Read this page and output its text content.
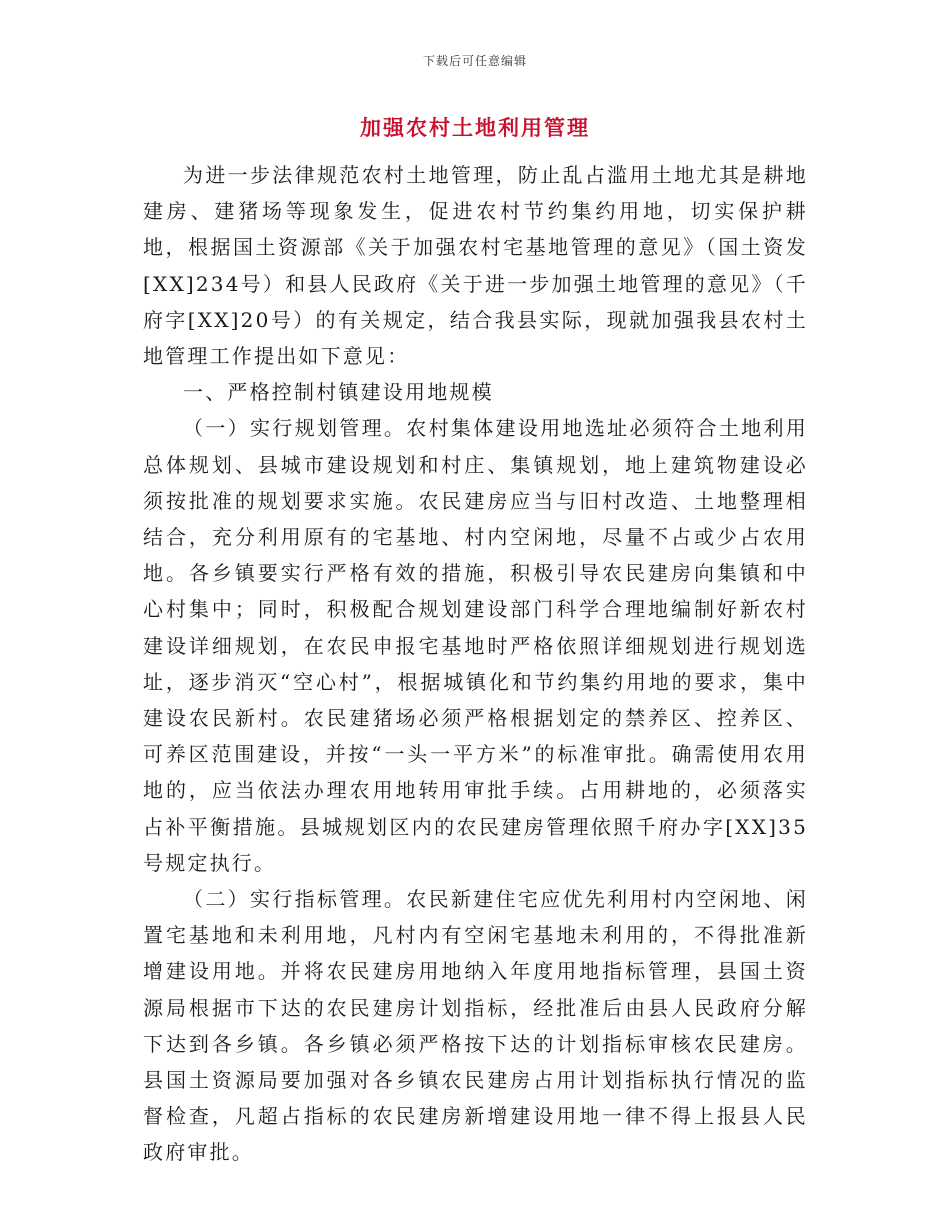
下载后可任意编辑
加强农村土地利用管理

为进一步法律规范农村土地管理，防止乱占滥用土地尤其是耕地建房、建猪场等现象发生，促进农村节约集约用地，切实保护耕地，根据国土资源部《关于加强农村宅基地管理的意见》（国土资发[XX]234号）和县人民政府《关于进一步加强土地管理的意见》（千府字[XX]20号）的有关规定，结合我县实际，现就加强我县农村土地管理工作提出如下意见：

一、严格控制村镇建设用地规模

（一）实行规划管理。农村集体建设用地选址必须符合土地利用总体规划、县城市建设规划和村庄、集镇规划，地上建筑物建设必须按批准的规划要求实施。农民建房应当与旧村改造、土地整理相结合，充分利用原有的宅基地、村内空闲地，尽量不占或少占农用地。各乡镇要实行严格有效的措施，积极引导农民建房向集镇和中心村集中；同时，积极配合规划建设部门科学合理地编制好新农村建设详细规划，在农民申报宅基地时严格依照详细规划进行规划选址，逐步消灭“空心村”，根据城镇化和节约集约用地的要求，集中建设农民新村。农民建猪场必须严格根据划定的禁养区、控养区、可养区范围建设，并按“一头一平方米”的标准审批。确需使用农用地的，应当依法办理农用地转用审批手续。占用耕地的，必须落实占补平衡措施。县城规划区内的农民建房管理依照千府办字[XX]35号规定执行。

（二）实行指标管理。农民新建住宅应优先利用村内空闲地、闲置宅基地和未利用地，凡村内有空闲宅基地未利用的，不得批准新增建设用地。并将农民建房用地纳入年度用地指标管理，县国土资源局根据市下达的农民建房计划指标，经批准后由县人民政府分解下达到各乡镇。各乡镇必须严格按下达的计划指标审核农民建房。县国土资源局要加强对各乡镇农民建房占用计划指标执行情况的监督检查，凡超占指标的农民建房新增建设用地一律不得上报县人民政府审批。
